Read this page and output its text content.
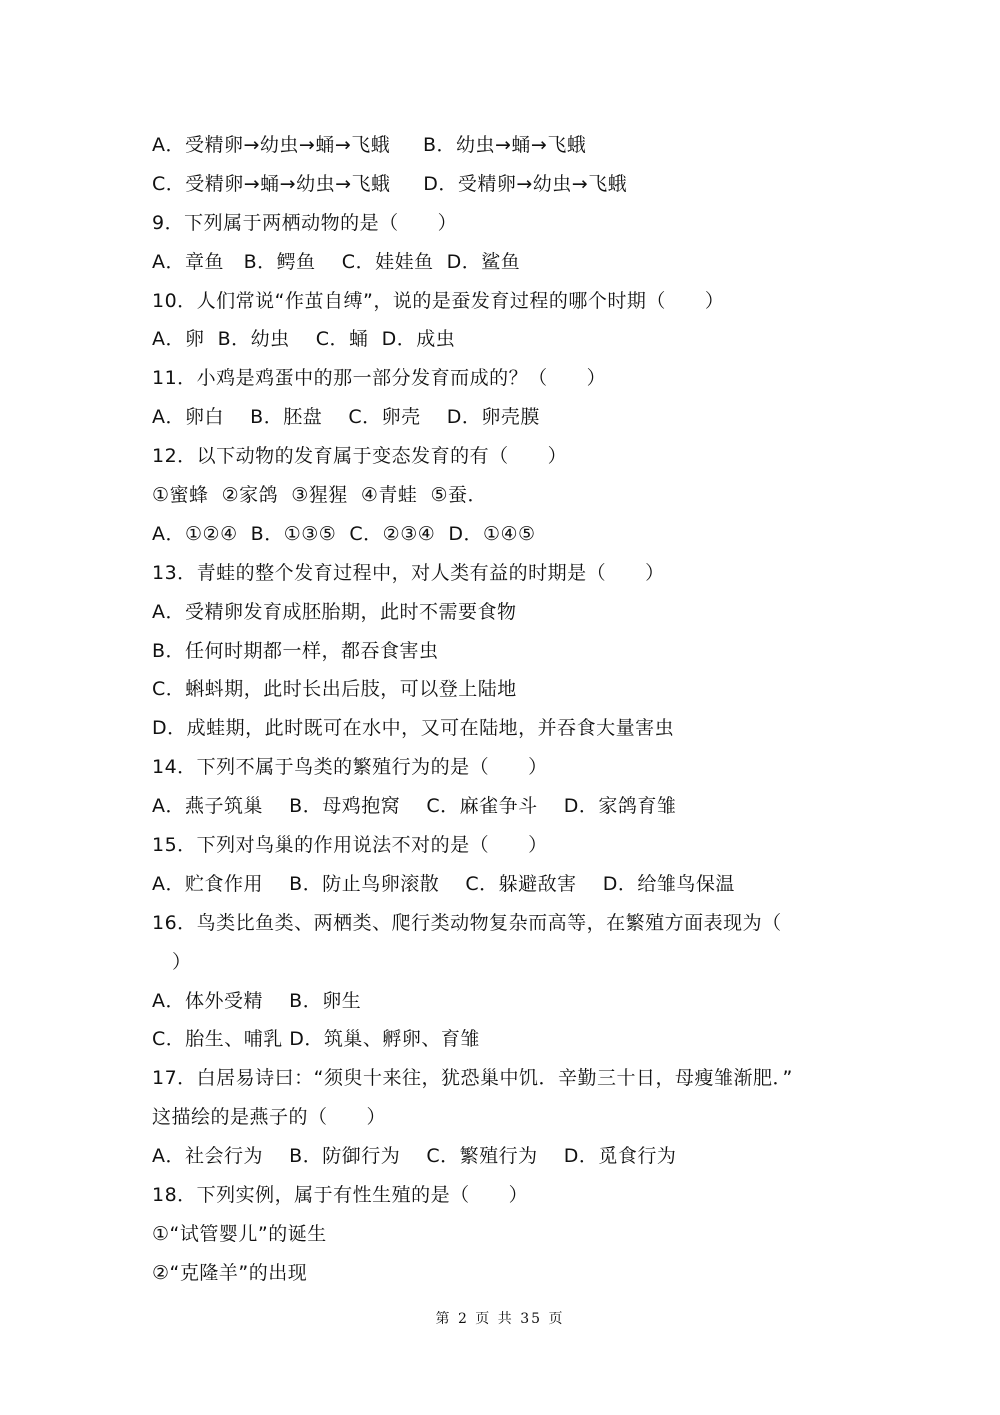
A．受精卵→幼虫→蛹→飞蛾     B．幼虫→蛹→飞蛾
C．受精卵→蛹→幼虫→飞蛾     D．受精卵→幼虫→飞蛾
9．下列属于两栖动物的是（　　）
A．章鱼   B．鳄鱼    C．娃娃鱼  D．鲨鱼
10．人们常说“作茧自缚”，说的是蚕发育过程的哪个时期（　　）
A．卵  B．幼虫    C．蛹  D．成虫
11．小鸡是鸡蛋中的那一部分发育而成的？（　　）
A．卵白    B．胚盘    C．卵壳    D．卵壳膜
12．以下动物的发育属于变态发育的有（　　）
①蜜蜂  ②家鸽  ③猩猩  ④青蛙  ⑤蚕．
A．①②④  B．①③⑤  C．②③④  D．①④⑤
13．青蛙的整个发育过程中，对人类有益的时期是（　　）
A．受精卵发育成胚胎期，此时不需要食物
B．任何时期都一样，都吞食害虫
C．蝌蚪期，此时长出后肢，可以登上陆地
D．成蛙期，此时既可在水中，又可在陆地，并吞食大量害虫
14．下列不属于鸟类的繁殖行为的是（　　）
A．燕子筑巢    B．母鸡抱窝    C．麻雀争斗    D．家鸽育雏
15．下列对鸟巢的作用说法不对的是（　　）
A．贮食作用    B．防止鸟卵滚散    C．躲避敌害    D．给雏鸟保温
16．鸟类比鱼类、两栖类、爬行类动物复杂而高等，在繁殖方面表现为（
）
A．体外受精    B．卵生
C．胎生、哺乳 D．筑巢、孵卵、育雏
17．白居易诗曰：“须臾十来往，犹恐巢中饥．辛勤三十日，母瘦雏渐肥．”
这描绘的是燕子的（　　）
A．社会行为    B．防御行为    C．繁殖行为    D．觅食行为
18．下列实例，属于有性生殖的是（　　）
①“试管婴儿”的诞生
②“克隆羊”的出现
第 2 页 共 35 页
